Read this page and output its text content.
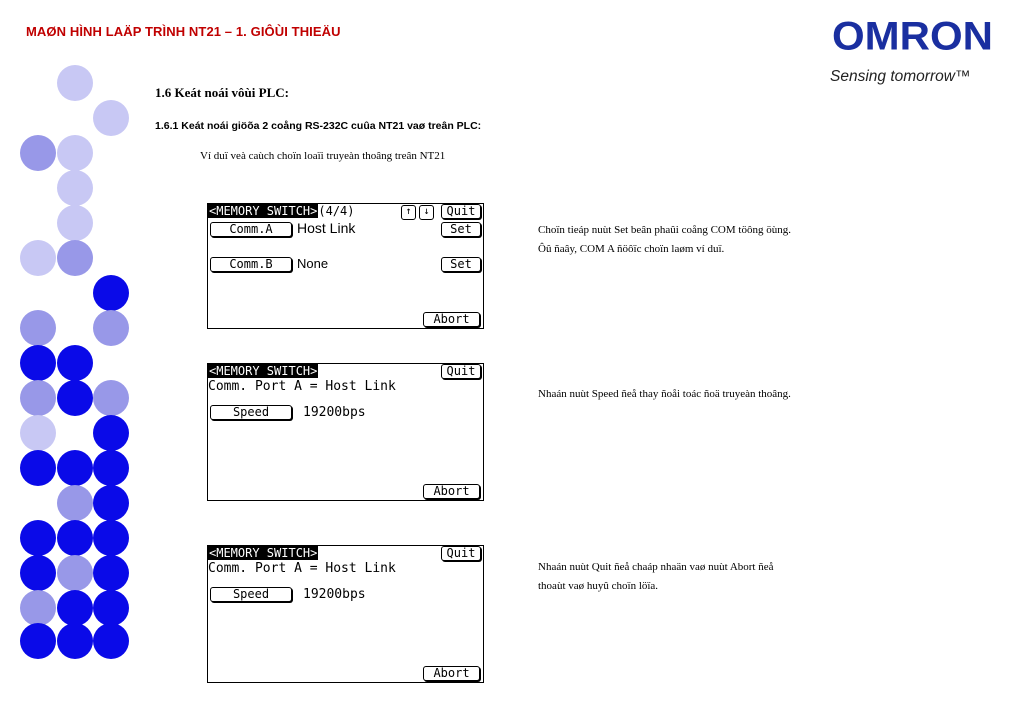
MAØN HÌNH LAÄP TRÌNH NT21 – 1. GIÔÙI THIEÄU	OMRON
Sensing tomorrow™
1.6 Keát noái vôùi PLC:
1.6.1 Keát noái giöõa 2 coång RS-232C cuûa NT21 vaø treân PLC:
Ví duï veà caùch choïn loaïi truyeàn thoâng treân NT21
<MEMORY SWITCH>(4/4)	↑	↓	Quit
Comm.A	Host Link	Set
Comm.B	None	Set
Abort
<MEMORY SWITCH>	Quit
Comm. Port A = Host Link
Speed	19200bps
Abort
<MEMORY SWITCH>	Quit
Comm. Port A = Host Link
Speed	19200bps
Abort
Choïn tieáp nuùt Set beân phaûi coång COM töông öùng.
Ôû ñaây, COM A ñöôïc choïn laøm ví duï.
Nhaán nuùt Speed ñeå thay ñoåi toác ñoä truyeàn thoâng.
Nhaán nuùt Quit ñeå chaáp nhaän vaø nuùt Abort ñeå
thoaùt vaø huyû choïn löïa.
